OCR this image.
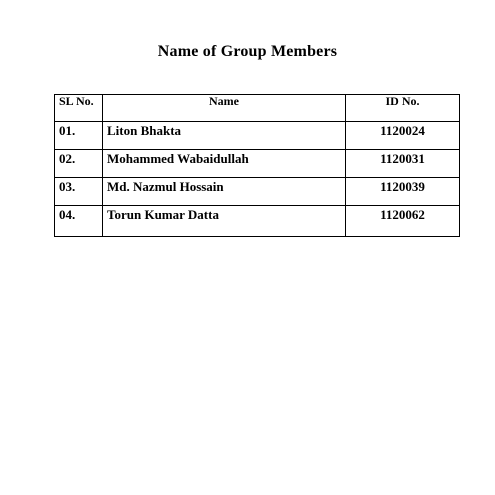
Name of Group Members
SL No.	Name	ID No.
01.	Liton Bhakta	1120024
02.	Mohammed Wabaidullah	1120031
03.	Md. Nazmul Hossain	1120039
04.	Torun Kumar Datta	1120062
